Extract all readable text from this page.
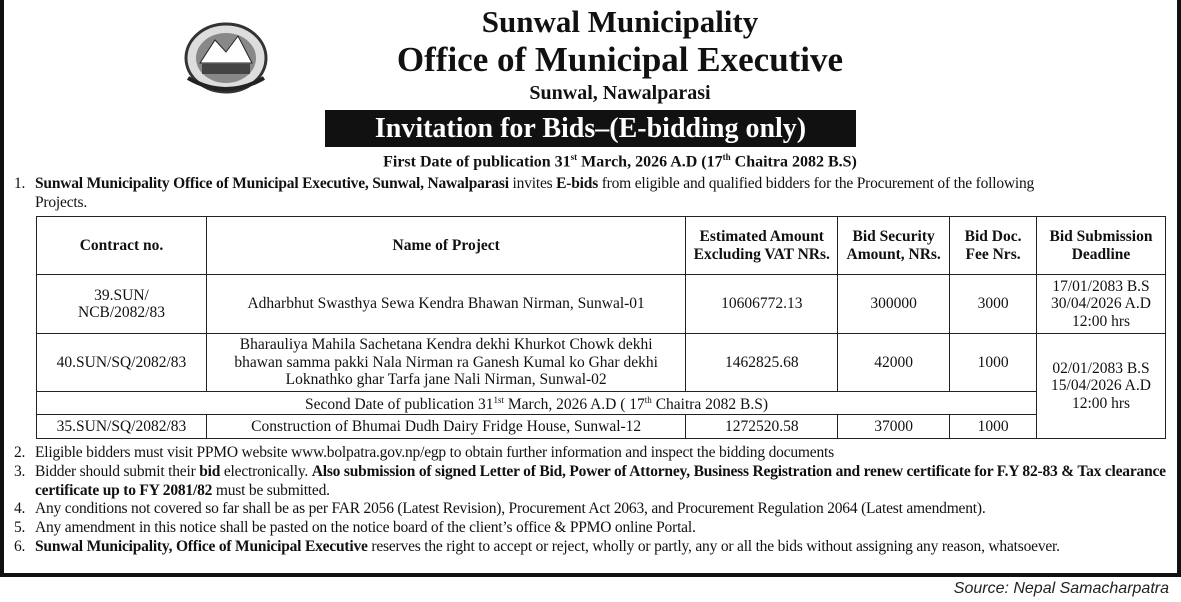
Sunwal Municipality
Office of Municipal Executive
Sunwal, Nawalparasi
Invitation for Bids–(E-bidding only)
First Date of publication 31st March, 2026 A.D (17th Chaitra 2082 B.S)
1. Sunwal Municipality Office of Municipal Executive, Sunwal, Nawalparasi invites E-bids from eligible and qualified bidders for the Procurement of the following
Projects.
Contract no.	Name of Project	Estimated Amount Excluding VAT NRs.	Bid Security Amount, NRs.	Bid Doc. Fee Nrs.	Bid Submission Deadline
39.SUN/ NCB/2082/83	Adharbhut Swasthya Sewa Kendra Bhawan Nirman, Sunwal-01	10606772.13	300000	3000	17/01/2083 B.S 30/04/2026 A.D 12:00 hrs
40.SUN/SQ/2082/83	Bharauliya Mahila Sachetana Kendra dekhi Khurkot Chowk dekhi bhawan samma pakki Nala Nirman ra Ganesh Kumal ko Ghar dekhi Loknathko ghar Tarfa jane Nali Nirman, Sunwal-02	1462825.68	42000	1000	02/01/2083 B.S 15/04/2026 A.D 12:00 hrs
Second Date of publication $31^{1st}$ March, 2026 A.D ( 17th Chaitra 2082 B.S)					
35.SUN/SQ/2082/83	Construction of Bhumai Dudh Dairy Fridge House, Sunwal-12	1272520.58	37000	1000	
2. Eligible bidders must visit PPMO website www.bolpatra.gov.np/egp to obtain further information and inspect the bidding documents
3. Bidder should submit their bid electronically. Also submission of signed Letter of Bid, Power of Attorney, Business Registration and renew certificate for F.Y 82-83 & Tax clearance certificate up to FY 2081/82 must be submitted.
4. Any conditions not covered so far shall be as per FAR 2056 (Latest Revision), Procurement Act 2063, and Procurement Regulation 2064 (Latest amendment).
5. Any amendment in this notice shall be pasted on the notice board of the client’s office & PPMO online Portal.
6. Sunwal Municipality, Office of Municipal Executive reserves the right to accept or reject, wholly or partly, any or all the bids without assigning any reason, whatsoever.
Source: Nepal Samacharpatra
